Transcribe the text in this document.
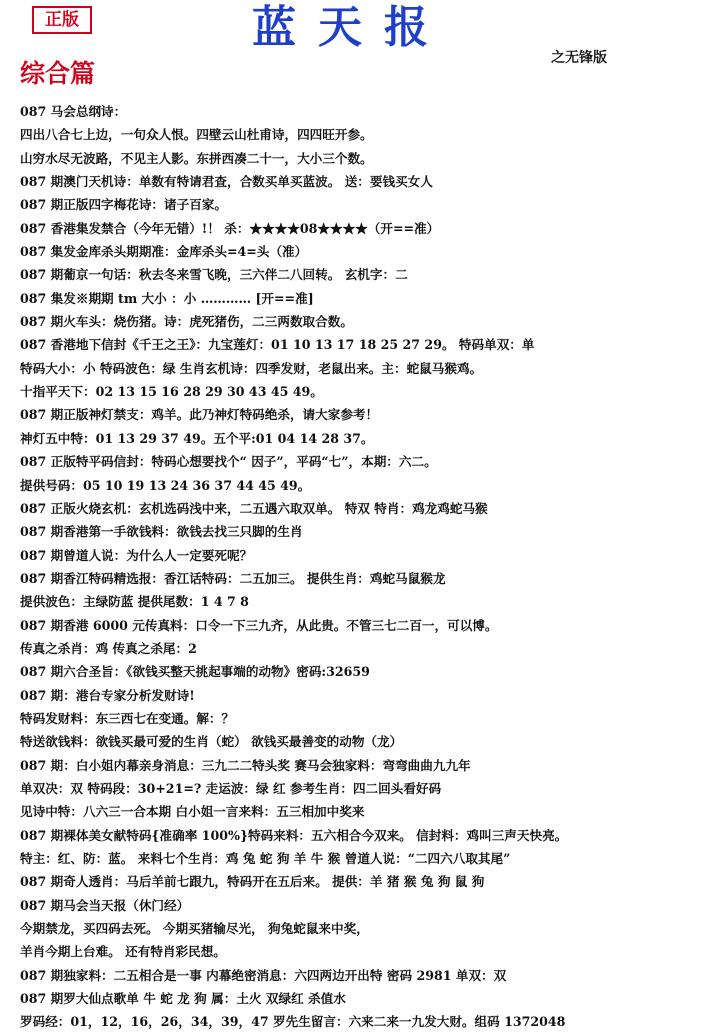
正版	蓝天报
之无锋版
综合篇
087 马会总纲诗：
四出八合七上边，一句众人恨。四壁云山杜甫诗，四四旺开参。
山穷水尽无波路，不见主人影。东拼西凑二十一，大小三个数。
087 期澳门天机诗：单数有特请君查，合数买单买蓝波。 送：要钱买女人
087 期正版四字梅花诗：诸子百家。
087 香港集发禁合（今年无错）!！ 杀：★★★★08★★★★（开==准）
087 集发金库杀头期期准：金库杀头=4=头（准）
087 期葡京一句话：秋去冬来雪飞晚，三六伴二八回转。 玄机字：二
087 集发※期期 tm 大小 ：小 ………… [开==准]
087 期火车头：烧伤猪。诗：虎死猪伤，二三两数取合数。
087 香港地下信封《千王之王》：九宝莲灯：01 10 13 17 18 25 27 29。 特码单双：单
特码大小：小 特码波色：绿 生肖玄机诗：四季发财，老鼠出来。主：蛇鼠马猴鸡。
十指平天下：02 13 15 16 28 29 30 43 45 49。
087 期正版神灯禁支：鸡羊。此乃神灯特码绝杀，请大家参考！
神灯五中特：01 13 29 37 49。五个平:01 04 14 28 37。
087 正版特平码信封：特码心想要找个“ 因子”，平码“七”，本期：六二。
提供号码：05 10 19 13 24 36 37 44 45 49。
087 正版火烧玄机：玄机选码浅中来，二五遇六取双单。 特双 特肖：鸡龙鸡蛇马猴
087 期香港第一手欲钱料：欲钱去找三只脚的生肖
087 期曾道人说：为什么人一定要死呢？
087 期香江特码精选报：香江话特码：二五加三。 提供生肖：鸡蛇马鼠猴龙
提供波色：主绿防蓝 提供尾数：1 4 7 8
087 期香港 6000 元传真料：口令一下三九齐，从此贵。不管三七二百一，可以博。
传真之杀肖：鸡 传真之杀尾：2
087 期六合圣旨：《欲钱买整天挑起事端的动物》密码:32659
087 期：港台专家分析发财诗!
特码发财料：东三西七在变通。解：？
特送欲钱料：欲钱买最可爱的生肖（蛇） 欲钱买最善变的动物（龙）
087 期：白小姐内幕亲身消息：三九二二特头奖 赛马会独家料：弯弯曲曲九九年
单双决：双 特码段：30+21=? 走运波：绿 红 参考生肖：四二回头看好码
见诗中特：八六三一合本期 白小姐一言来料：五三相加中奖来
087 期裸体美女献特码{准确率 100%}特码来料：五六相合今双来。 信封料：鸡叫三声天快亮。
特主：红、防：蓝。 来料七个生肖：鸡 兔 蛇 狗 羊 牛 猴 曾道人说：“二四六八取其尾”
087 期奇人透肖：马后羊前七跟九，特码开在五后来。 提供：羊 猪 猴 兔 狗 鼠 狗
087 期马会当天报（休门经）
今期禁龙，买四码去死。 今期买猪输尽光， 狗兔蛇鼠来中奖，
羊肖今期上台难。 还有特肖彩民想。
087 期独家料：二五相合是一事 内幕绝密消息：六四两边开出特 密码 2981 单双：双
087 期罗大仙点歌单 牛 蛇 龙 狗 属：土火 双绿红 杀值水
罗码经：01，12，16，26，34，39，47 罗先生留言：六来二来一九发大财。组码 1372048
